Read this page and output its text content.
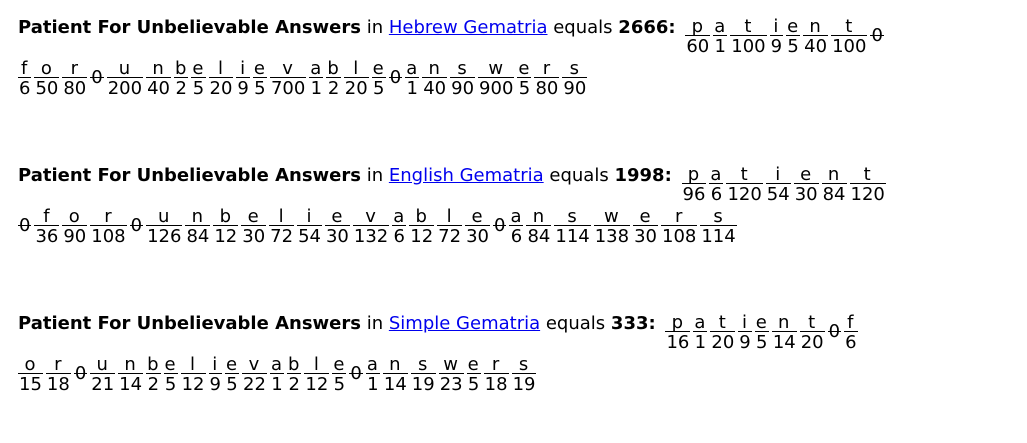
Patient For Unbelievable Answers in Hebrew Gematria equals 2666: $\frac{p}{60} \frac{a}{1} \frac{t}{100} \frac{i}{9} \frac{e}{5} \frac{n}{40} \frac{t}{100}$
0
$\frac{f}{6} \frac{o}{50} \frac{r}{80}$
$0 \frac{u}{200} \frac{n}{40} \frac{b}{2} \frac{e}{5} \frac{l}{20} \frac{i}{9} \frac{e}{5} \frac{v}{700} \frac{a}{1} \frac{b}{2} \frac{l}{20} \frac{e}{5}$
$0 \frac{a}{1} \frac{n}{40} \frac{s}{90} \frac{w}{900} \frac{e}{5} \frac{r}{80} \frac{s}{90}$
Patient For Unbelievable Answers in English Gematria equals 1998: $\frac{p}{96} \frac{a}{6} \frac{t}{120} \frac{i}{54} \frac{e}{30} \frac{n}{84} \frac{t}{120}$

$0 \frac{f}{36} \frac{o}{90} \frac{r}{108}$
$0 \frac{u}{126} \frac{n}{84} \frac{b}{12} \frac{e}{30} \frac{l}{72} \frac{i}{54} \frac{e}{30} \frac{v}{132} \frac{a}{6} \frac{b}{12} \frac{l}{72} \frac{e}{30}$
$0 \frac{a}{6} \frac{n}{84} \frac{s}{114} \frac{w}{138} \frac{e}{30} \frac{r}{108} \frac{s}{114}$
Patient For Unbelievable Answers in Simple Gematria equals 333: $\frac{p}{16} \frac{a}{1} \frac{t}{20} \frac{i}{9} \frac{e}{5} \frac{n}{14} \frac{t}{20}$
$0 \frac{f}{6}$
$\frac{o}{15} \frac{r}{18}$
$0 \frac{u}{21} \frac{n}{14} \frac{b}{2} \frac{e}{5} \frac{l}{12} \frac{i}{9} \frac{e}{5} \frac{v}{22} \frac{a}{1} \frac{b}{2} \frac{l}{12} \frac{e}{5}$
$0 \frac{a}{1} \frac{n}{14} \frac{s}{19} \frac{w}{23} \frac{e}{5} \frac{r}{18} \frac{s}{19}$
